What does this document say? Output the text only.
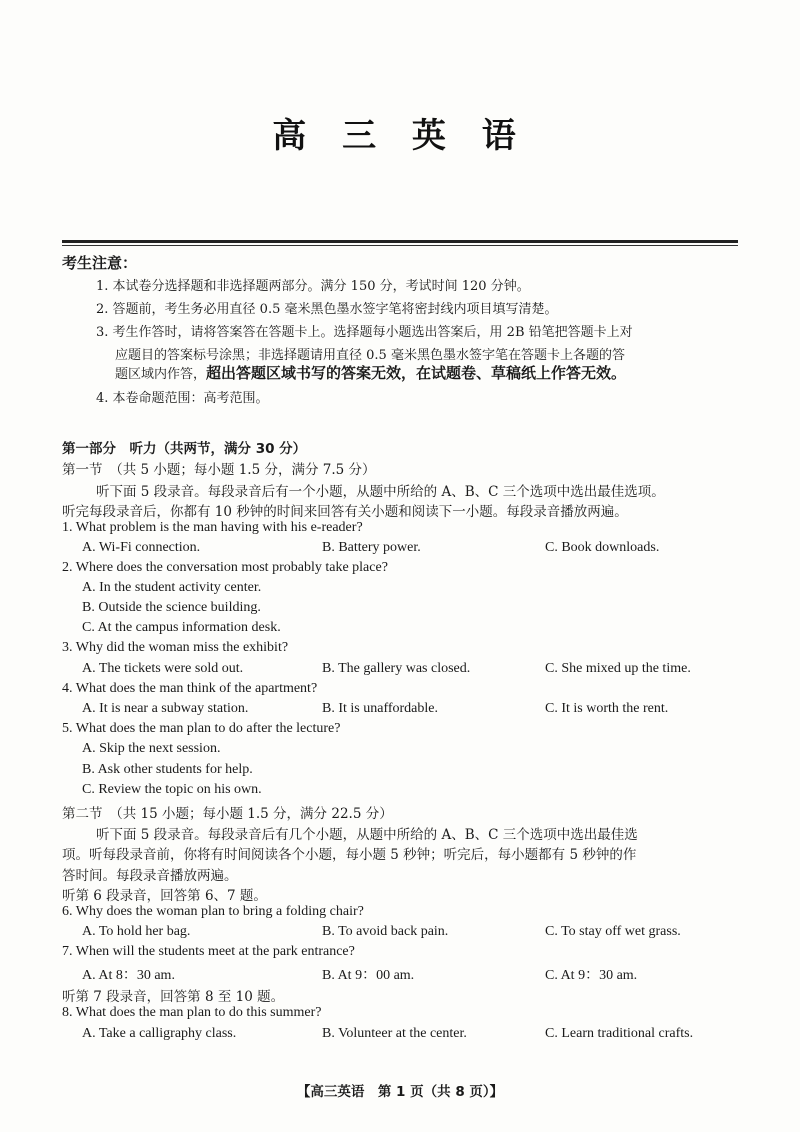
高 三 英 语
考生注意：
1. 本试卷分选择题和非选择题两部分。满分 150 分，考试时间 120 分钟。
2. 答题前，考生务必用直径 0.5 毫米黑色墨水签字笔将密封线内项目填写清楚。
3. 考生作答时，请将答案答在答题卡上。选择题每小题选出答案后，用 2B 铅笔把答题卡上对
应题目的答案标号涂黑；非选择题请用直径 0.5 毫米黑色墨水签字笔在答题卡上各题的答
题区域内作答，超出答题区域书写的答案无效，在试题卷、草稿纸上作答无效。
4. 本卷命题范围：高考范围。
第一部分　听力（共两节，满分 30 分）
第一节　（共 5 小题；每小题 1.5 分，满分 7.5 分）
听下面 5 段录音。每段录音后有一个小题，从题中所给的 A、B、C 三个选项中选出最佳选项。
听完每段录音后，你都有 10 秒钟的时间来回答有关小题和阅读下一小题。每段录音播放两遍。
1. What problem is the man having with his e-reader?
A. Wi-Fi connection.	B. Battery power.	C. Book downloads.
2. Where does the conversation most probably take place?
A. In the student activity center.
B. Outside the science building.
C. At the campus information desk.
3. Why did the woman miss the exhibit?
A. The tickets were sold out.	B. The gallery was closed.	C. She mixed up the time.
4. What does the man think of the apartment?
A. It is near a subway station.	B. It is unaffordable.	C. It is worth the rent.
5. What does the man plan to do after the lecture?
A. Skip the next session.
B. Ask other students for help.
C. Review the topic on his own.
第二节　（共 15 小题；每小题 1.5 分，满分 22.5 分）
听下面 5 段录音。每段录音后有几个小题，从题中所给的 A、B、C 三个选项中选出最佳选
项。听每段录音前，你将有时间阅读各个小题，每小题 5 秒钟；听完后，每小题都有 5 秒钟的作
答时间。每段录音播放两遍。
听第 6 段录音，回答第 6、7 题。
6. Why does the woman plan to bring a folding chair?
A. To hold her bag.	B. To avoid back pain.	C. To stay off wet grass.
7. When will the students meet at the park entrance?
A. At 8：30 am.	B. At 9：00 am.	C. At 9：30 am.
听第 7 段录音，回答第 8 至 10 题。
8. What does the man plan to do this summer?
A. Take a calligraphy class.	B. Volunteer at the center.	C. Learn traditional crafts.
【高三英语　第 1 页（共 8 页）】
